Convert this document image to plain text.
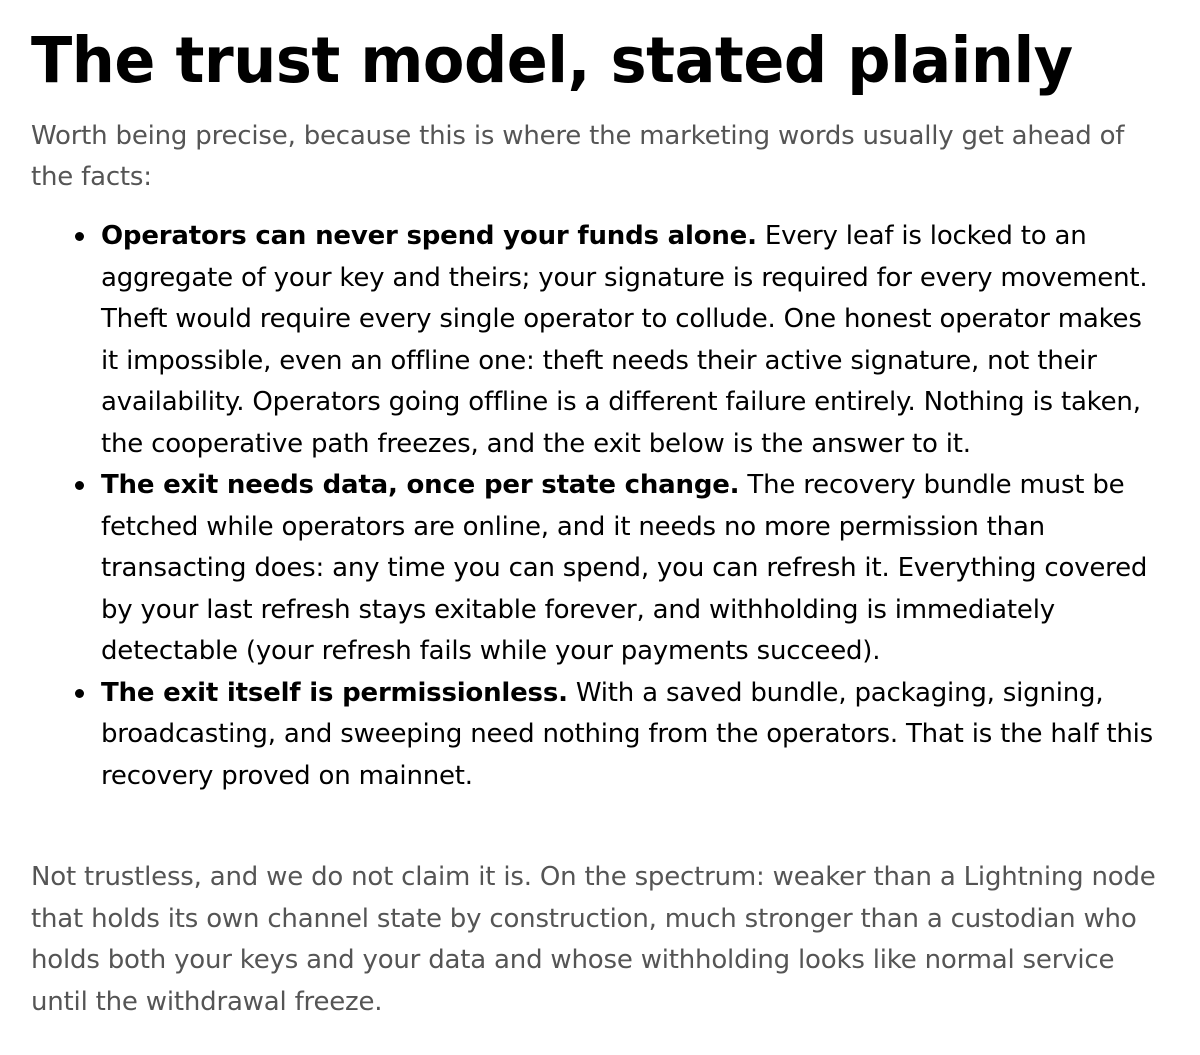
The trust model, stated plainly

Worth being precise, because this is where the marketing words usually get ahead of the facts:

Operators can never spend your funds alone. Every leaf is locked to an aggregate of your key and theirs; your signature is required for every movement. Theft would require every single operator to collude. One honest operator makes it impossible, even an offline one: theft needs their active signature, not their availability. Operators going offline is a different failure entirely. Nothing is taken, the cooperative path freezes, and the exit below is the answer to it.
The exit needs data, once per state change. The recovery bundle must be fetched while operators are online, and it needs no more permission than transacting does: any time you can spend, you can refresh it. Everything covered by your last refresh stays exitable forever, and withholding is immediately detectable (your refresh fails while your payments succeed).
The exit itself is permissionless. With a saved bundle, packaging, signing, broadcasting, and sweeping need nothing from the operators. That is the half this recovery proved on mainnet.

Not trustless, and we do not claim it is. On the spectrum: weaker than a Lightning node that holds its own channel state by construction, much stronger than a custodian who holds both your keys and your data and whose withholding looks like normal service until the withdrawal freeze.
